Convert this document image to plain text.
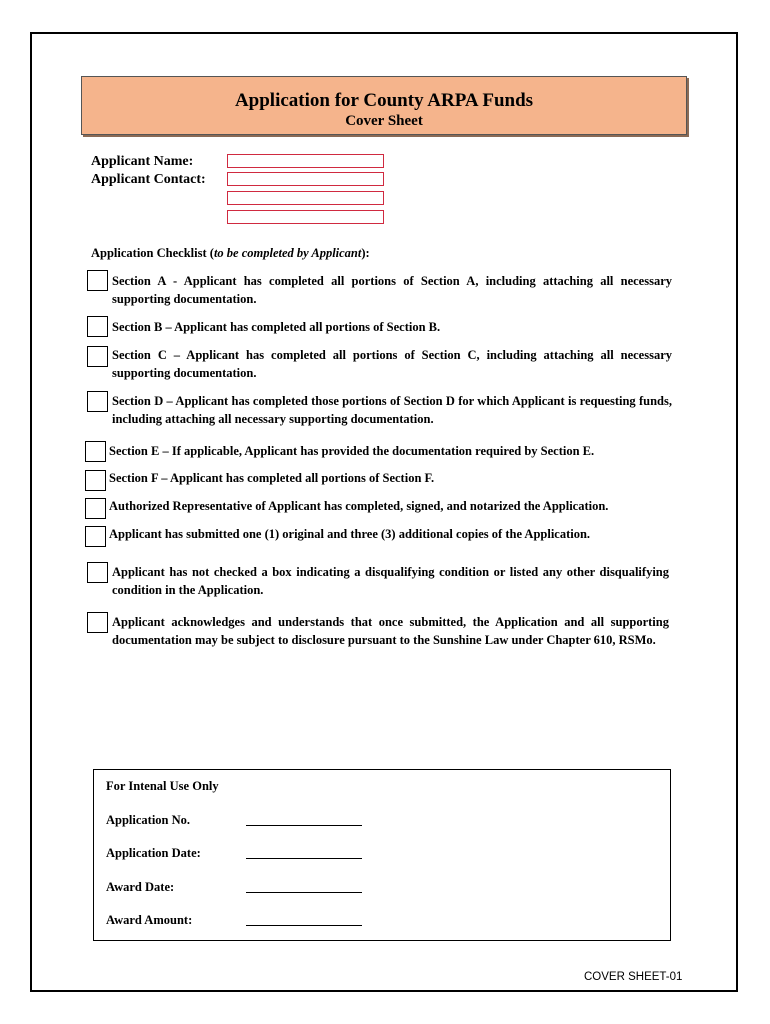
Application for County ARPA Funds
Cover Sheet
Applicant Name:
Applicant Contact:
Application Checklist (to be completed by Applicant):
Section A - Applicant has completed all portions of Section A, including attaching all necessary supporting documentation.
Section B – Applicant has completed all portions of Section B.
Section C – Applicant has completed all portions of Section C, including attaching all necessary supporting documentation.
Section D – Applicant has completed those portions of Section D for which Applicant is requesting funds, including attaching all necessary supporting documentation.
Section E – If applicable, Applicant has provided the documentation required by Section E.
Section F – Applicant has completed all portions of Section F.
Authorized Representative of Applicant has completed, signed, and notarized the Application.
Applicant has submitted one (1) original and three (3) additional copies of the Application.
Applicant has not checked a box indicating a disqualifying condition or listed any other disqualifying condition in the Application.
Applicant acknowledges and understands that once submitted, the Application and all supporting documentation may be subject to disclosure pursuant to the Sunshine Law under Chapter 610, RSMo.
For Intenal Use Only
Application No.
Application Date:
Award Date:
Award Amount:
COVER SHEET-01
